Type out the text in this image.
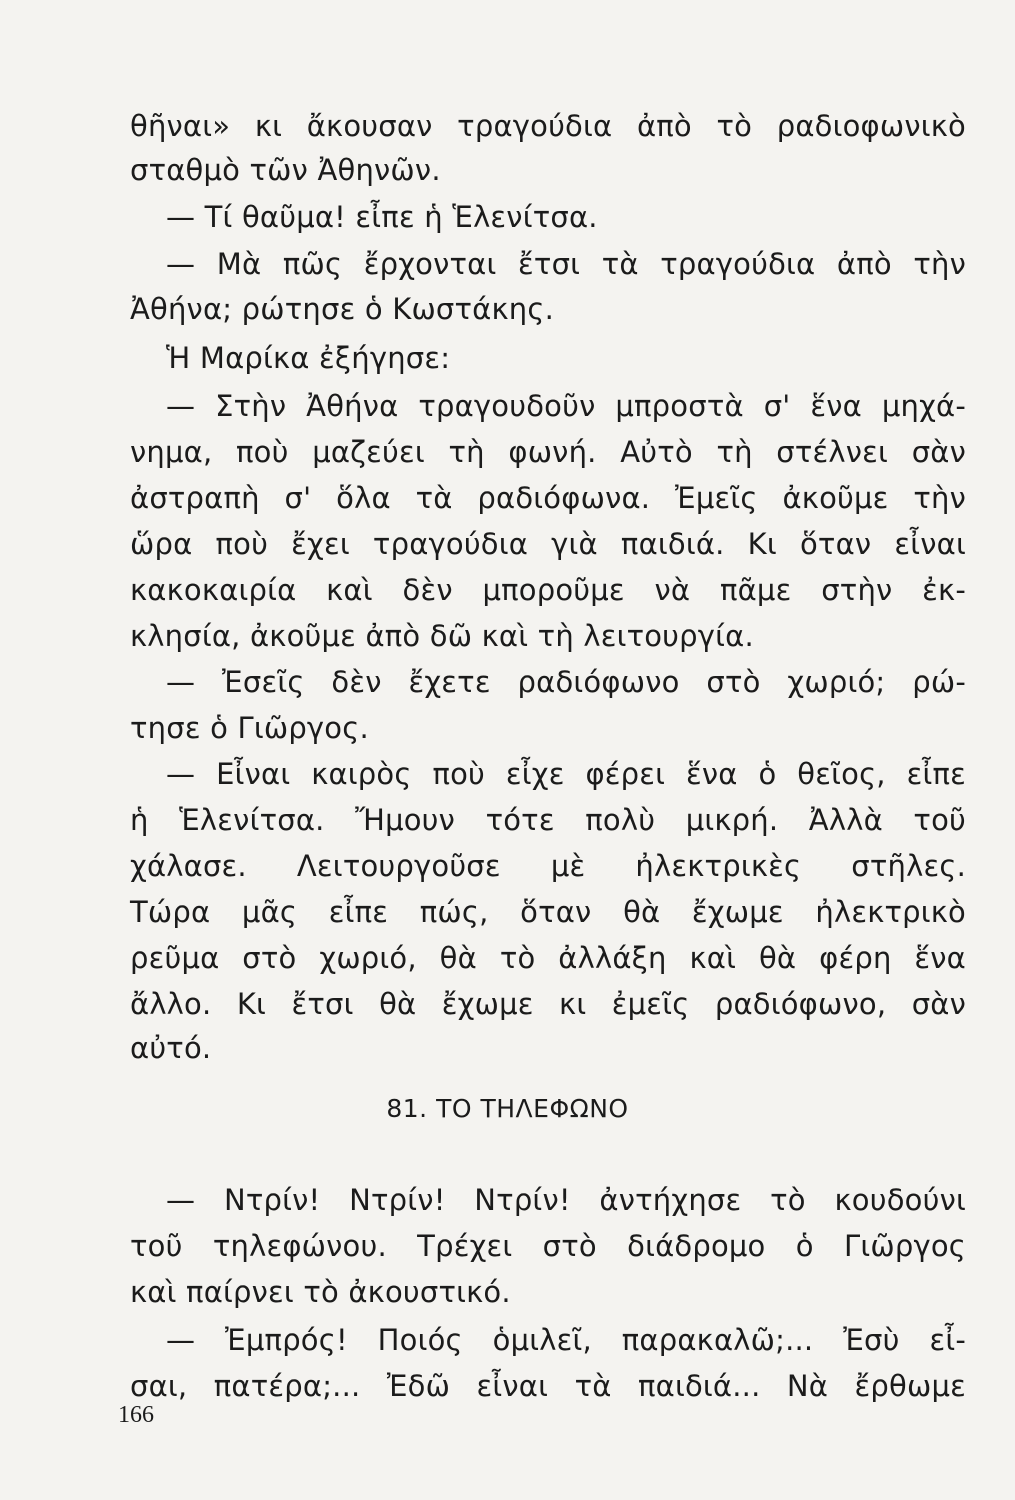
θῆναι» κι ἄκουσαν τραγούδια ἀπὸ τὸ ραδιοφωνικὸ
σταθμὸ τῶν Ἀθηνῶν.
— Τί θαῦμα! εἶπε ἡ Ἑλενίτσα.
— Μὰ πῶς ἔρχονται ἔτσι τὰ τραγούδια ἀπὸ τὴν
Ἀθήνα; ρώτησε ὁ Κωστάκης.
Ἡ Μαρίκα ἐξήγησε:
— Στὴν Ἀθήνα τραγουδοῦν μπροστὰ σ' ἕνα μηχά-
νημα, ποὺ μαζεύει τὴ φωνή. Αὐτὸ τὴ στέλνει σὰν
ἀστραπὴ σ' ὅλα τὰ ραδιόφωνα. Ἐμεῖς ἀκοῦμε τὴν
ὥρα ποὺ ἔχει τραγούδια γιὰ παιδιά. Κι ὅταν εἶναι
κακοκαιρία καὶ δὲν μποροῦμε νὰ πᾶμε στὴν ἐκ-
κλησία, ἀκοῦμε ἀπὸ δῶ καὶ τὴ λειτουργία.
— Ἐσεῖς δὲν ἔχετε ραδιόφωνο στὸ χωριό; ρώ-
τησε ὁ Γιῶργος.
— Εἶναι καιρὸς ποὺ εἶχε φέρει ἕνα ὁ θεῖος, εἶπε
ἡ Ἑλενίτσα. Ἤμουν τότε πολὺ μικρή. Ἀλλὰ τοῦ
χάλασε. Λειτουργοῦσε μὲ ἠλεκτρικὲς στῆλες.
Τώρα μᾶς εἶπε πώς, ὅταν θὰ ἔχωμε ἠλεκτρικὸ
ρεῦμα στὸ χωριό, θὰ τὸ ἀλλάξη καὶ θὰ φέρη ἕνα
ἄλλο. Κι ἔτσι θὰ ἔχωμε κι ἐμεῖς ραδιόφωνο, σὰν
αὐτό.
81. ΤΟ ΤΗΛΕΦΩΝΟ
— Ντρίν! Ντρίν! Ντρίν! ἀντήχησε τὸ κουδούνι
τοῦ τηλεφώνου. Τρέχει στὸ διάδρομο ὁ Γιῶργος
καὶ παίρνει τὸ ἀκουστικό.
— Ἐμπρός! Ποιός ὁμιλεῖ, παρακαλῶ;... Ἐσὺ εἶ-
σαι, πατέρα;... Ἐδῶ εἶναι τὰ παιδιά... Νὰ ἔρθωμε
166
